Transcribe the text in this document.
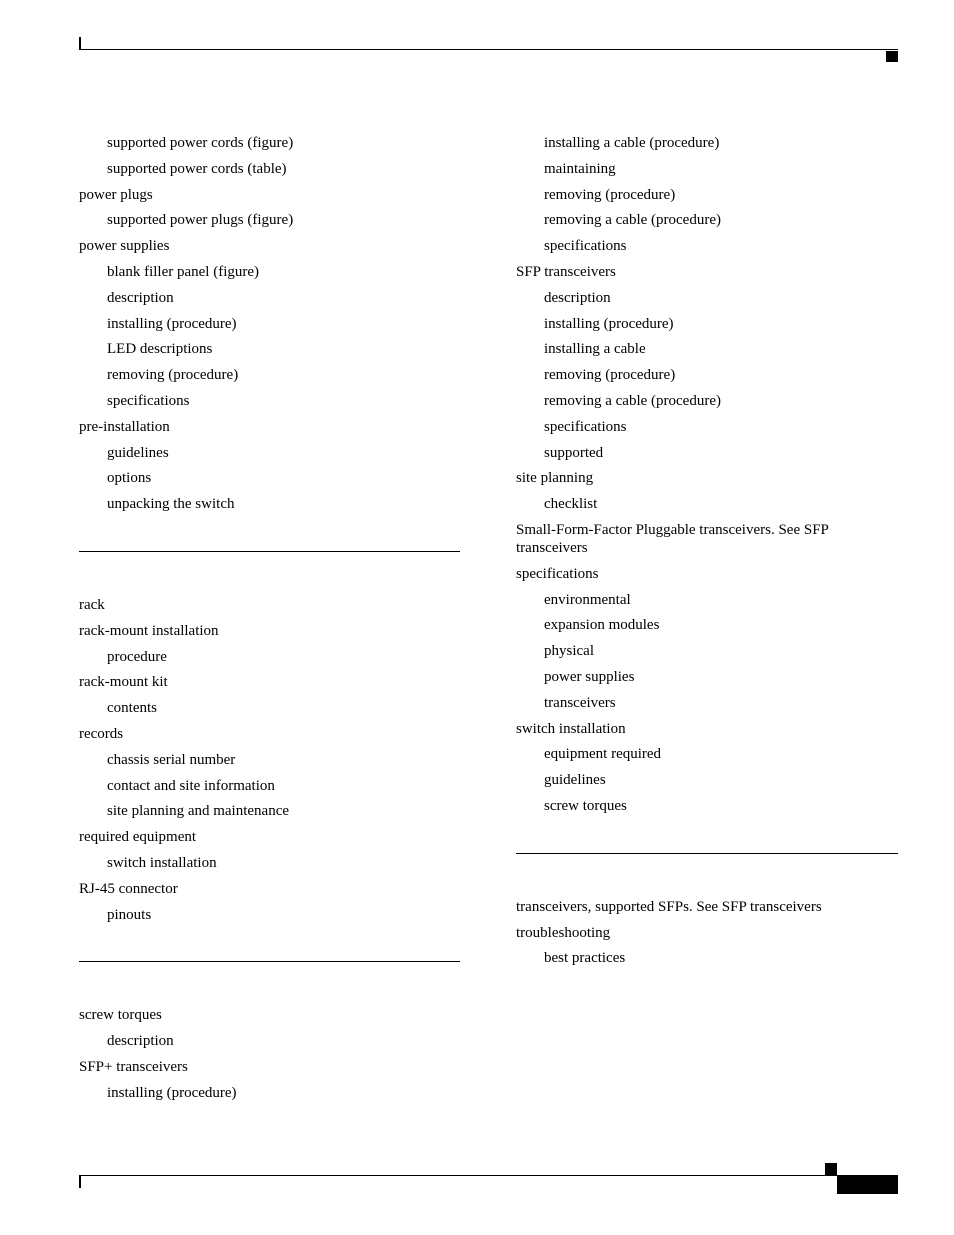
supported power cords (figure)
supported power cords (table)
power plugs
supported power plugs (figure)
power supplies
blank filler panel (figure)
description
installing (procedure)
LED descriptions
removing (procedure)
specifications
pre-installation
guidelines
options
unpacking the switch
rack
rack-mount installation
procedure
rack-mount kit
contents
records
chassis serial number
contact and site information
site planning and maintenance
required equipment
switch installation
RJ-45 connector
pinouts
screw torques
description
SFP+ transceivers
installing (procedure)
installing a cable (procedure)
maintaining
removing (procedure)
removing a cable (procedure)
specifications
SFP transceivers
description
installing (procedure)
installing a cable
removing (procedure)
removing a cable (procedure)
specifications
supported
site planning
checklist
Small-Form-Factor Pluggable transceivers. See SFP transceivers
specifications
environmental
expansion modules
physical
power supplies
transceivers
switch installation
equipment required
guidelines
screw torques
transceivers, supported SFPs. See SFP transceivers
troubleshooting
best practices
